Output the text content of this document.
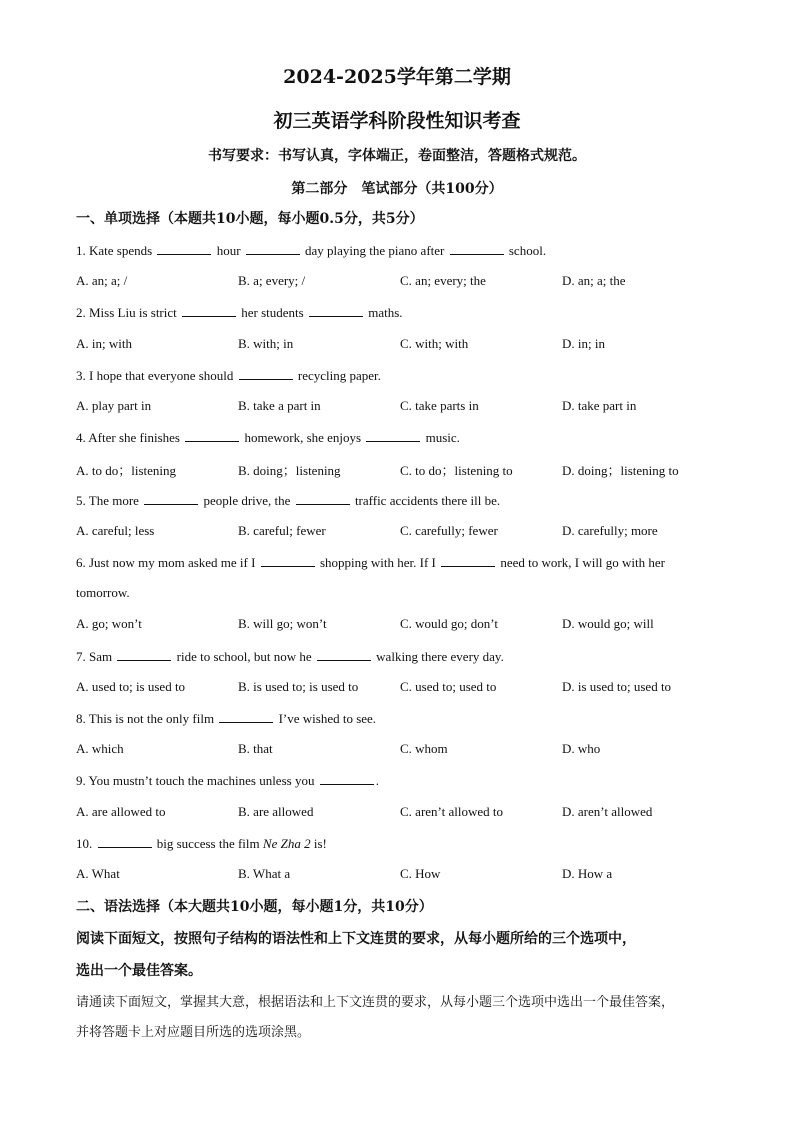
2024-2025学年第二学期
初三英语学科阶段性知识考查
书写要求：书写认真，字体端正，卷面整洁，答题格式规范。
第二部分　笔试部分（共100分）
一、单项选择（本题共10小题，每小题0.5分，共5分）
1. Kate spends	hour	day playing the piano after	school.
A. an; a; /	B. a; every; /	C. an; every; the	D. an; a; the
2. Miss Liu is strict	her students	maths.
A. in; with	B. with; in	C. with; with	D. in; in
3. I hope that everyone should	recycling paper.
A. play part in	B. take a part in	C. take parts in	D. take part in
4. After she finishes	homework, she enjoys	music.
A. to do；listening	B. doing；listening	C. to do；listening to	D. doing；listening to
5. The more	people drive, the	traffic accidents there ill be.
A. careful; less	B. careful; fewer	C. carefully; fewer	D. carefully; more
6. Just now my mom asked me if I	shopping with her. If I	need to work, I will go with her
tomorrow.
A. go; won’t	B. will go; won’t	C. would go; don’t	D. would go; will
7. Sam	ride to school, but now he	walking there every day.
A. used to; is used to	B. is used to; is used to	C. used to; used to	D. is used to; used to
8. This is not the only film	I’ve wished to see.
A. which	B. that	C. whom	D. who
9. You mustn’t touch the machines unless you	.
A. are allowed to	B. are allowed	C. aren’t allowed to	D. aren’t allowed
10.	big success the film Ne Zha 2 is!
A. What	B. What a	C. How	D. How a
二、语法选择（本大题共10小题，每小题1分，共10分）
阅读下面短文，按照句子结构的语法性和上下文连贯的要求，从每小题所给的三个选项中，
选出一个最佳答案。
请通读下面短文，掌握其大意，根据语法和上下文连贯的要求，从每小题三个选项中选出一个最佳答案，
并将答题卡上对应题目所选的选项涂黑。
